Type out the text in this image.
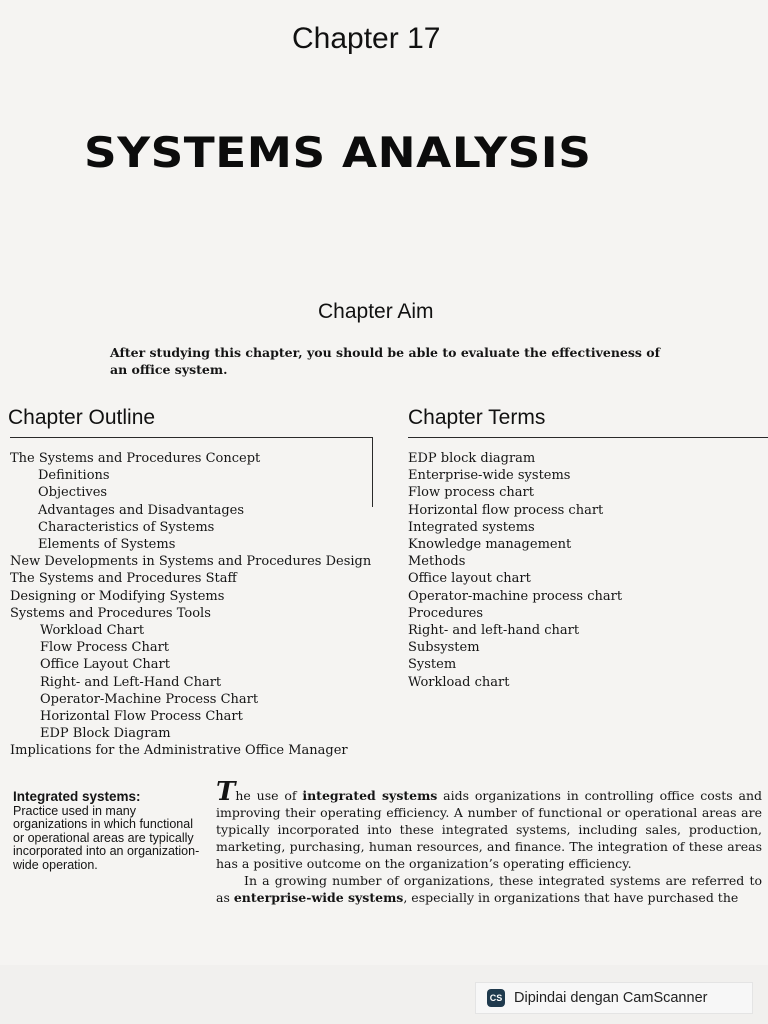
Chapter 17
SYSTEMS ANALYSIS
Chapter Aim
After studying this chapter, you should be able to evaluate the effectiveness of an office system.
Chapter Outline	Chapter Terms
The Systems and Procedures Concept
Definitions
Objectives
Advantages and Disadvantages
Characteristics of Systems
Elements of Systems
New Developments in Systems and Procedures Design
The Systems and Procedures Staff
Designing or Modifying Systems
Systems and Procedures Tools
Workload Chart
Flow Process Chart
Office Layout Chart
Right- and Left-Hand Chart
Operator-Machine Process Chart
Horizontal Flow Process Chart
EDP Block Diagram
Implications for the Administrative Office Manager
EDP block diagram
Enterprise-wide systems
Flow process chart
Horizontal flow process chart
Integrated systems
Knowledge management
Methods
Office layout chart
Operator-machine process chart
Procedures
Right- and left-hand chart
Subsystem
System
Workload chart
Integrated systems:
Practice used in many organizations in which functional or operational areas are typically incorporated into an organization-wide operation.

The use of integrated systems aids organizations in controlling office costs and improving their operating efficiency. A number of functional or operational areas are typically incorporated into these integrated systems, including sales, production, marketing, purchasing, human resources, and finance. The integration of these areas has a positive outcome on the organization’s operating efficiency.

In a growing number of organizations, these integrated systems are referred to as enterprise-wide systems, especially in organizations that have purchased the

CS Dipindai dengan CamScanner
